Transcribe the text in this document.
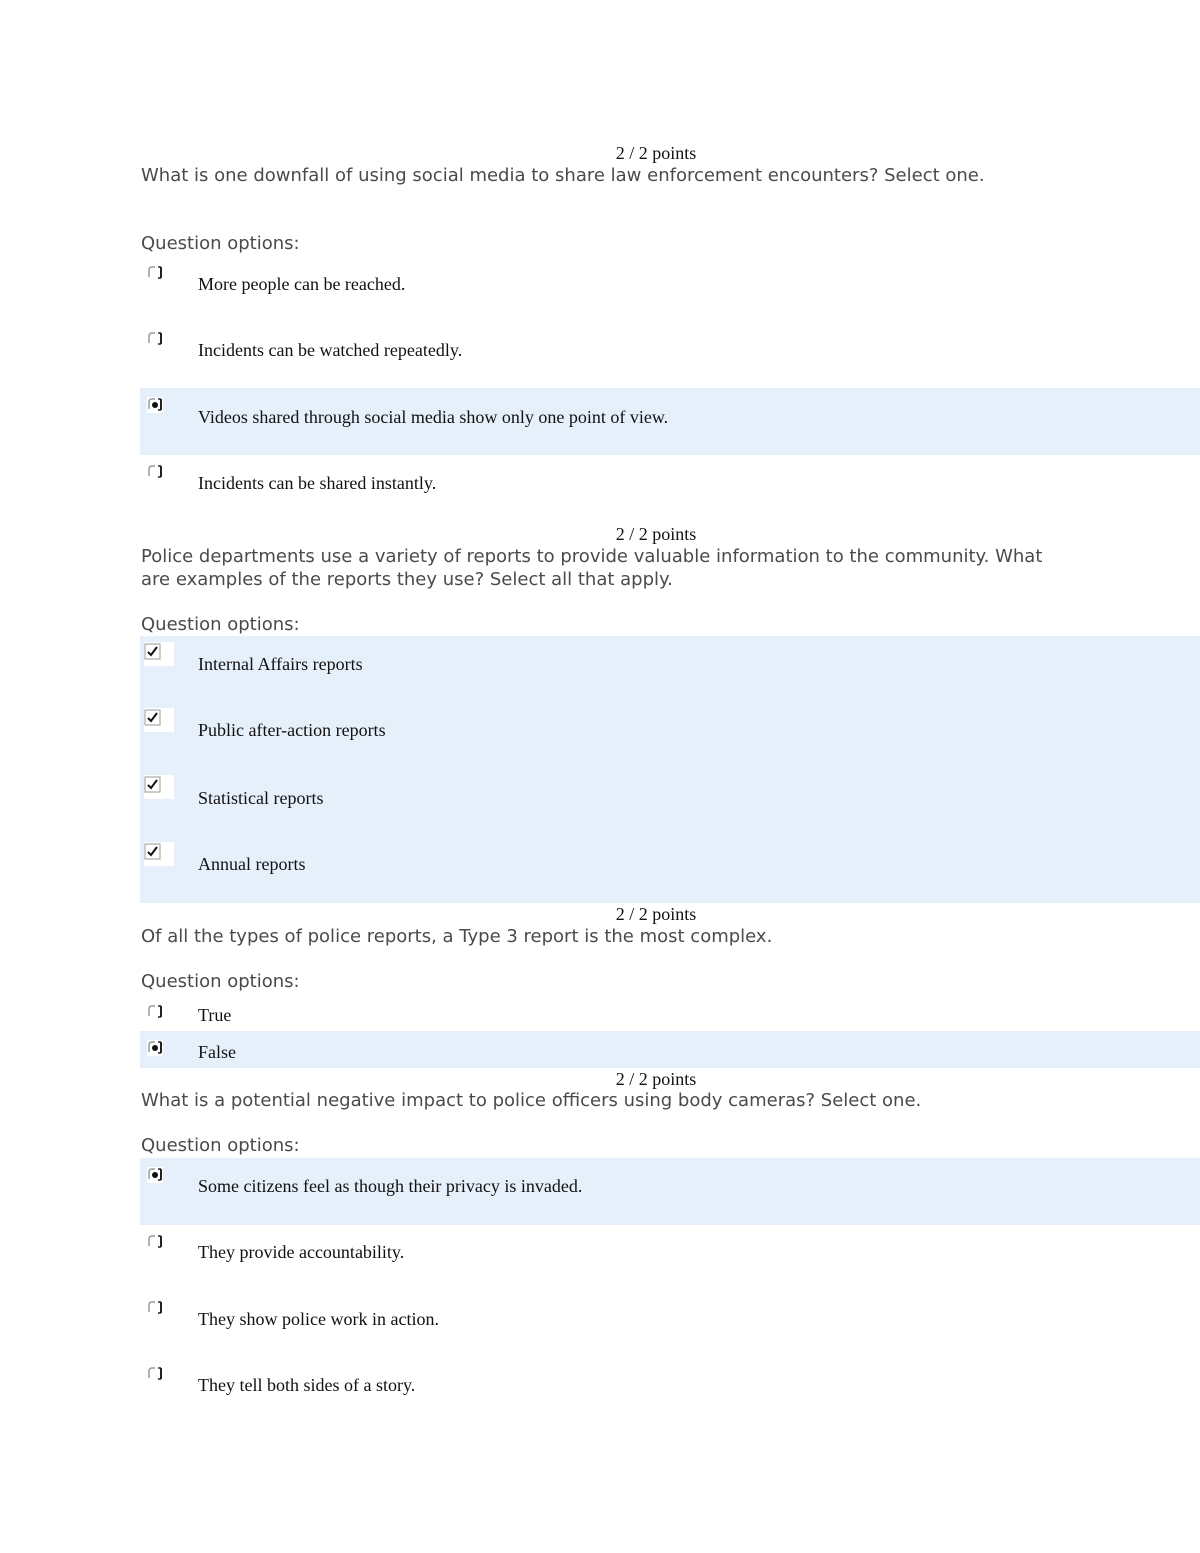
2 / 2 points
What is one downfall of using social media to share law enforcement encounters? Select one.
Question options:
More people can be reached.
Incidents can be watched repeatedly.
Videos shared through social media show only one point of view.
Incidents can be shared instantly.
2 / 2 points
Police departments use a variety of reports to provide valuable information to the community. What are examples of the reports they use? Select all that apply.
Question options:
Internal Affairs reports
Public after-action reports
Statistical reports
Annual reports
2 / 2 points
Of all the types of police reports, a Type 3 report is the most complex.
Question options:
True
False
2 / 2 points
What is a potential negative impact to police officers using body cameras? Select one.
Question options:
Some citizens feel as though their privacy is invaded.
They provide accountability.
They show police work in action.
They tell both sides of a story.
